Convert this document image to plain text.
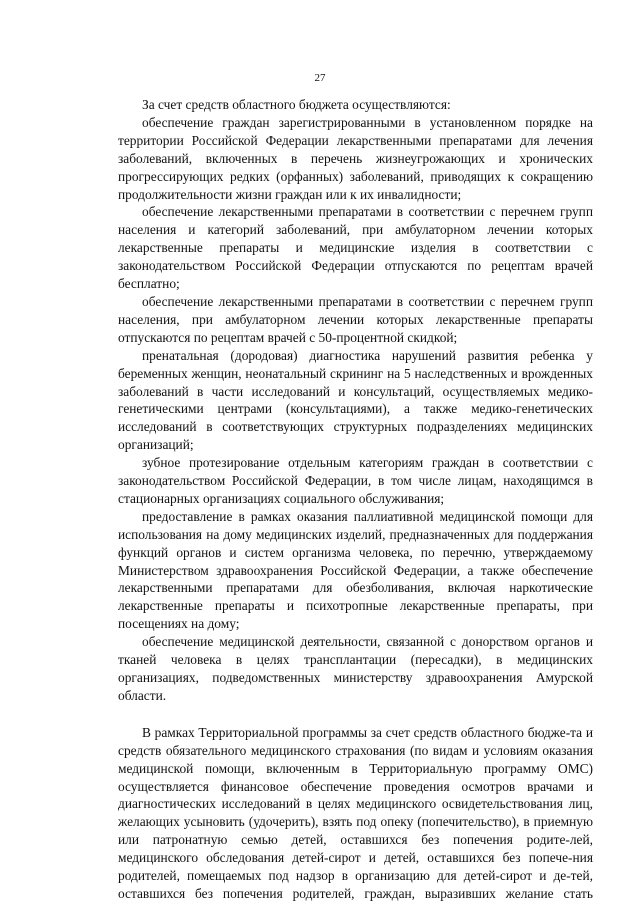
27

За счет средств областного бюджета осуществляются:

обеспечение граждан зарегистрированными в установленном порядке на территории Российской Федерации лекарственными препаратами для лечения заболеваний, включенных в перечень жизнеугрожающих и хронических прогрессирующих редких (орфанных) заболеваний, приводящих к сокращению продолжительности жизни граждан или к их инвалидности;

обеспечение лекарственными препаратами в соответствии с перечнем групп населения и категорий заболеваний, при амбулаторном лечении которых лекарственные препараты и медицинские изделия в соответствии с законодательством Российской Федерации отпускаются по рецептам врачей бесплатно;

обеспечение лекарственными препаратами в соответствии с перечнем групп населения, при амбулаторном лечении которых лекарственные препараты отпускаются по рецептам врачей с 50-процентной скидкой;

пренатальная (дородовая) диагностика нарушений развития ребенка у беременных женщин, неонатальный скрининг на 5 наследственных и врожденных заболеваний в части исследований и консультаций, осуществляемых медико-генетическими центрами (консультациями), а также медико-генетических исследований в соответствующих структурных подразделениях медицинских организаций;

зубное протезирование отдельным категориям граждан в соответствии с законодательством Российской Федерации, в том числе лицам, находящимся в стационарных организациях социального обслуживания;

предоставление в рамках оказания паллиативной медицинской помощи для использования на дому медицинских изделий, предназначенных для поддержания функций органов и систем организма человека, по перечню, утверждаемому Министерством здравоохранения Российской Федерации, а также обеспечение лекарственными препаратами для обезболивания, включая наркотические лекарственные препараты и психотропные лекарственные препараты, при посещениях на дому;

обеспечение медицинской деятельности, связанной с донорством органов и тканей человека в целях трансплантации (пересадки), в медицинских организациях, подведомственных министерству здравоохранения Амурской области.

В рамках Территориальной программы за счет средств областного бюдже-та и средств обязательного медицинского страхования (по видам и условиям оказания медицинской помощи, включенным в Территориальную программу ОМС) осуществляется финансовое обеспечение проведения осмотров врачами и диагностических исследований в целях медицинского освидетельствования лиц, желающих усыновить (удочерить), взять под опеку (попечительство), в приемную или патронатную семью детей, оставшихся без попечения родите-лей, медицинского обследования детей-сирот и детей, оставшихся без попече-ния родителей, помещаемых под надзор в организацию для детей-сирот и де-тей, оставшихся без попечения родителей, граждан, выразивших желание стать
